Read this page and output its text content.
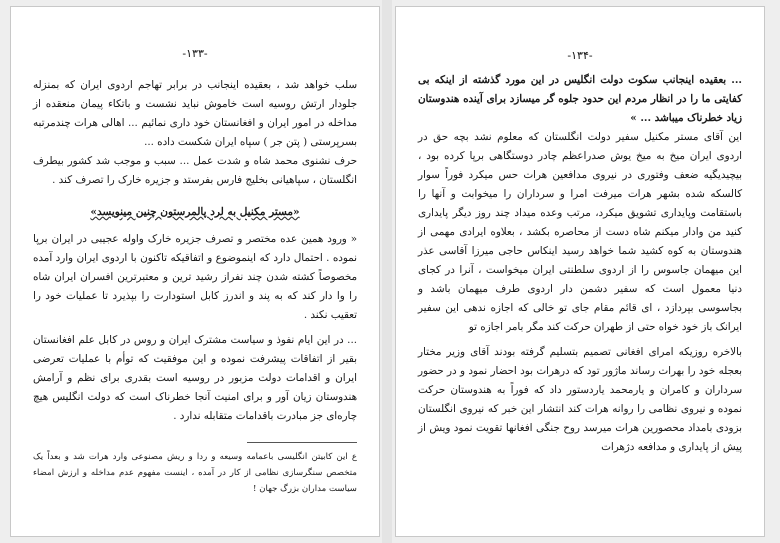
-۱۳۳-

سلب خواهد شد ، بعقیده اینجانب در برابر تهاجم اردوی ایران که بمنزله جلودار ارتش روسیه است خاموش نباید نشست و باتکاء پیمان منعقده از مداخله در امور ایران و افغانستان خود داری نمائیم ... اهالی هرات چندمرتبه بسرپرستی ( پتن جر ) سپاه ایران شکست داده ...

حرف نشنوی محمد شاه و شدت عمل ... سبب و موجب شد کشور بیطرف انگلستان ، سپاهیانی بخلیج فارس بفرستد و جزیره خارک را تصرف کند .

«مستر مکنیل به لرد پالمرستون چنین مینویسد»

« ورود همین عده مختصر و تصرف جزیره خارک واوله عجیبی در ایران برپا نموده . احتمال دارد که اینموضوع و اتفاقیکه تاکنون با اردوی ایران وارد آمده مخصوصاً کشته شدن چند نفراز رشید ترین و معتبرترین افسران ایران شاه را وا دار کند که به پند و اندرز کابل استودارت را بپذیرد تا عملیات خود را تعقیب نکند .

... در این ایام نفوذ و سیاست مشترک ایران و روس در کابل علم افغانستان بقیر از اتفاقات پیشرفت نموده و این موفقیت که توأم با عملیات تعرضی ایران و اقدامات دولت مزبور در روسیه است بقدری برای نظم و آرامش هندوستان زیان آور و برای امنیت آنجا خطرناک است که دولت انگلیس هیچ چاره‌ای جز مبادرت باقدامات متقابله ندارد .

ع این کابیتن انگلیسی باعمامه وسیعه و ردا و ریش مصنوعی وارد هرات شد و بعداً یک متخصص سنگرسازی نظامی از کار در آمده ، اینست مفهوم عدم مداخله و ارزش امضاء سیاست مداران بزرگ جهان !

-۱۳۴-

... بعقیده اینجانب سکوت دولت انگلیس در این مورد گذشته از اینکه بی کفایتی ما را در انظار مردم این حدود جلوه گر میسازد برای آینده هندوستان زیاد خطرناک میباشد ... »

این آقای مستر مکنیل سفیر دولت انگلستان که معلوم نشد بچه حق در اردوی ایران میخ به میخ یوش صدراعظم چادر دوستگاهی برپا کرده بود ، بیچیدیگیه ضعف وفتوری در نیروی مدافعین هرات حس میکرد فوراً سوار کالسکه شده بشهر هرات میرفت امرا و سرداران را میخوابت و آنها را باستقامت وپایداری تشویق میکرد، مرتب وعده میداد چند روز دیگر پایداری کنید من وادار میکنم شاه دست از محاصره بکشد ، بعلاوه ایرادی مهمی از هندوستان به کوه کشید شما خواهد رسید اینکاس حاجی میرزا آقاسی عذر این میهمان جاسوس را از اردوی سلطنتی ایران میخواست ، آنرا در کجای دنیا معمول است که سفیر دشمن دار اردوی طرف میهمان باشد و بجاسوسی بپردازد ، ای قائم مقام جای تو خالی که اجازه ندهی این سفیر ایرانک باز خود خواه حتی از طهران حرکت کند مگر بامر اجازه تو

بالاخره روزیکه امرای افغانی تصمیم بتسلیم گرفته بودند آقای وزیر مختار بعجله خود را بهرات رساند ماژور تود که درهرات بود احضار نمود و در حضور سرداران و کامران و یارمحمد یاردستور داد که فوراً به هندوستان حرکت نموده و نیروی نظامی را روانه هرات کند انتشار این خبر که نیروی انگلستان بزودی بامداد محصورین هرات میرسد روح جنگی افغانها تقویت نمود ویش از پیش از پایداری و مدافعه دژهرات
